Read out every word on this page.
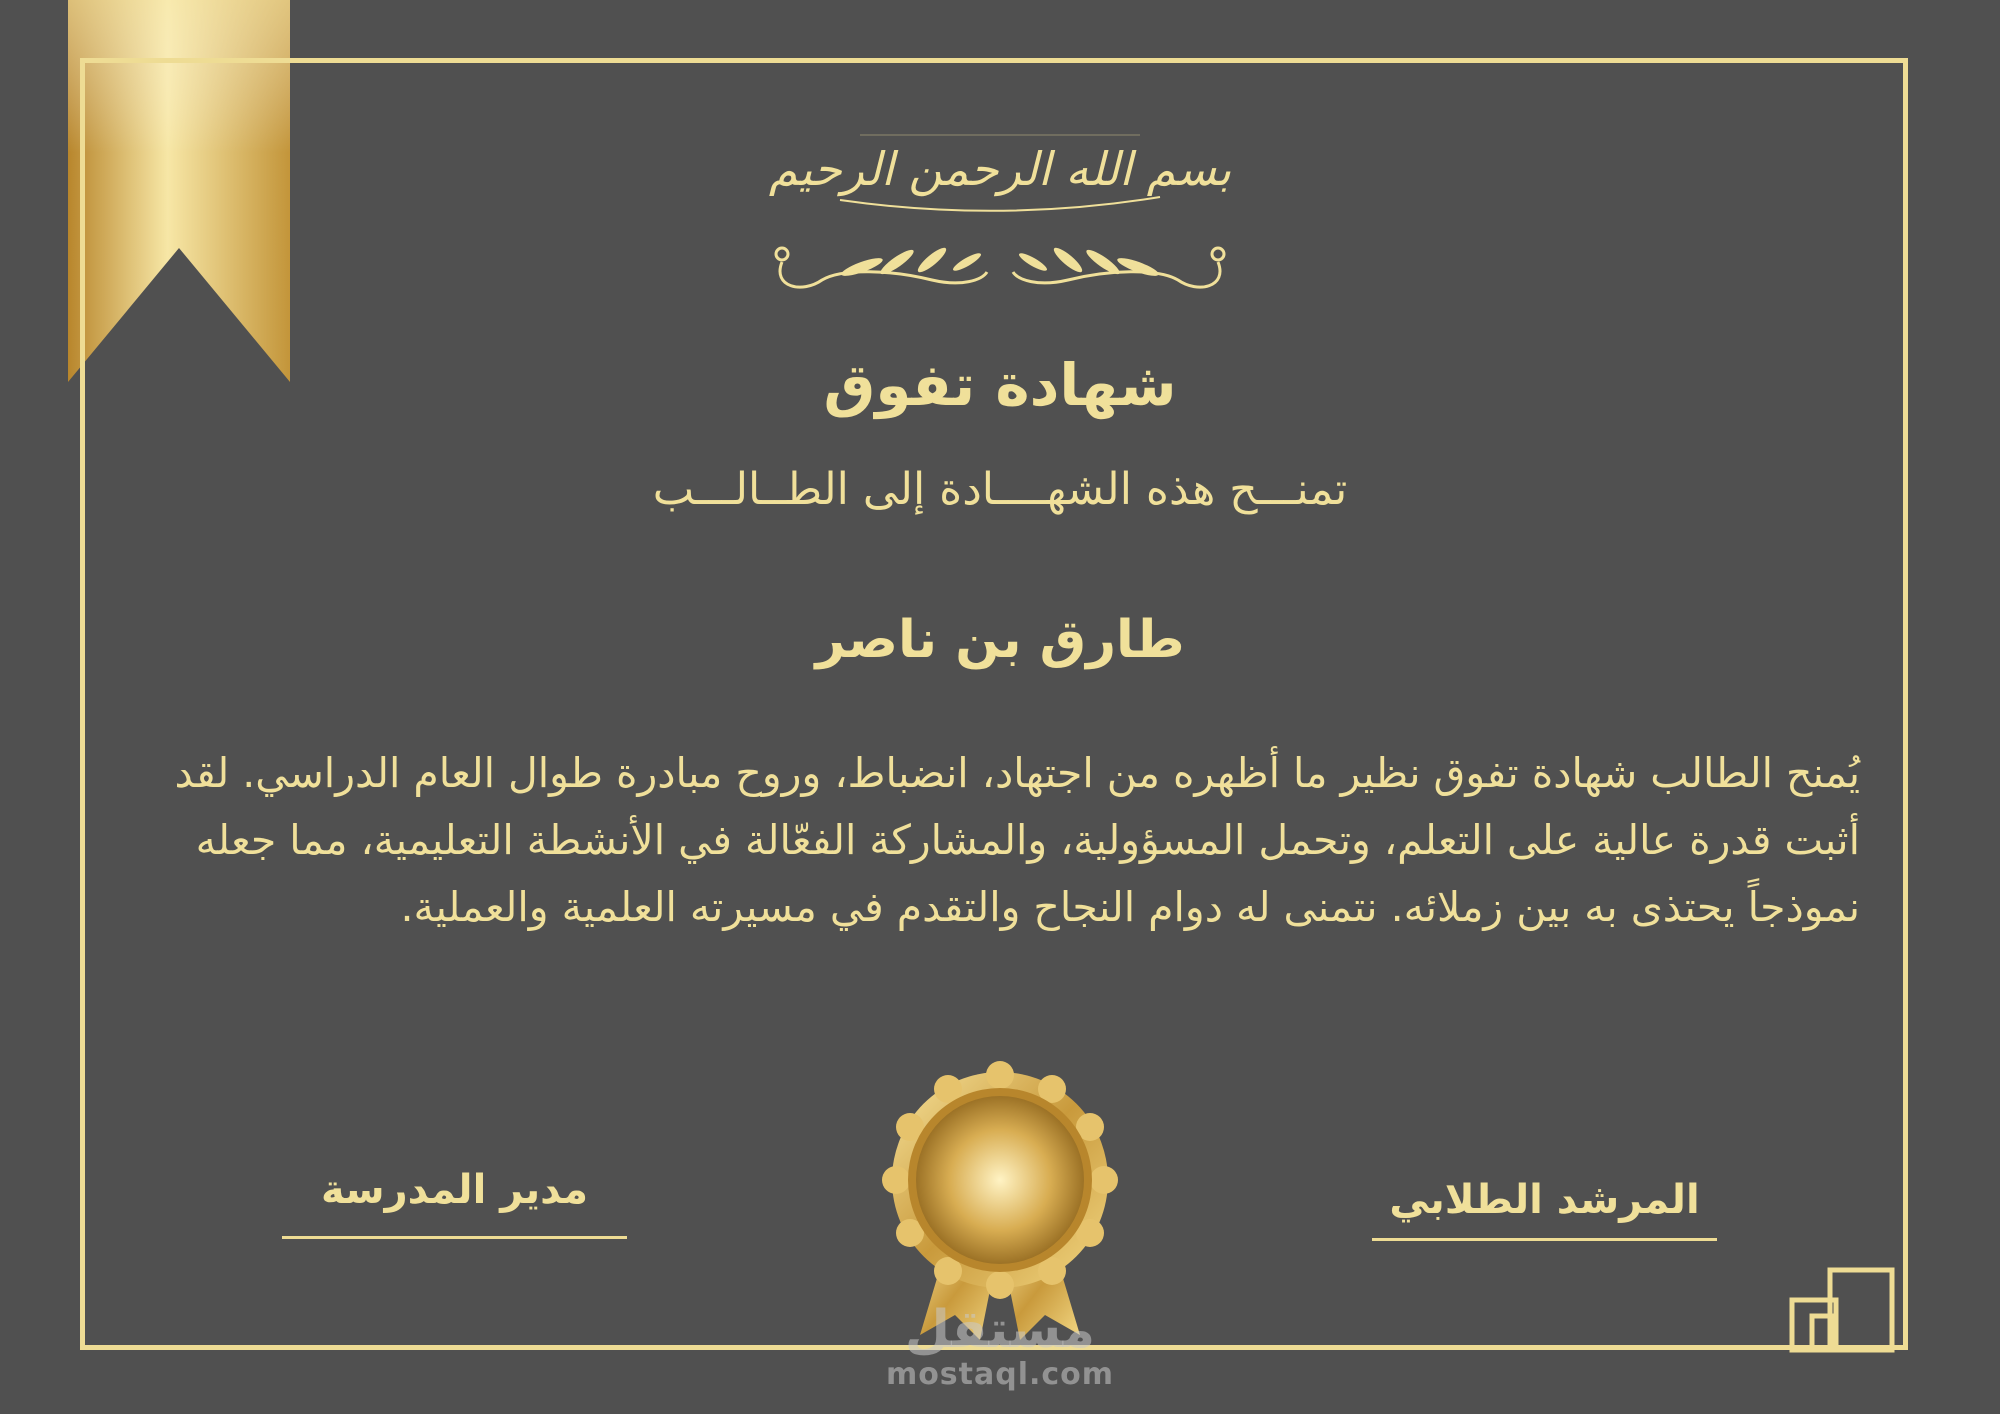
بسم الله الرحمن الرحيم
شهادة تفوق
تمنـــح هذه الشهــــادة إلى الطــالـــب
طارق بن ناصر
يُمنح الطالب شهادة تفوق نظير ما أظهره من اجتهاد، انضباط، وروح مبادرة طوال العام الدراسي. لقد أثبت قدرة عالية على التعلم، وتحمل المسؤولية، والمشاركة الفعّالة في الأنشطة التعليمية، مما جعله نموذجاً يحتذى به بين زملائه. نتمنى له دوام النجاح والتقدم في مسيرته العلمية والعملية.
مدير المدرسة	المرشد الطلابي
مستقل
mostaql.com
